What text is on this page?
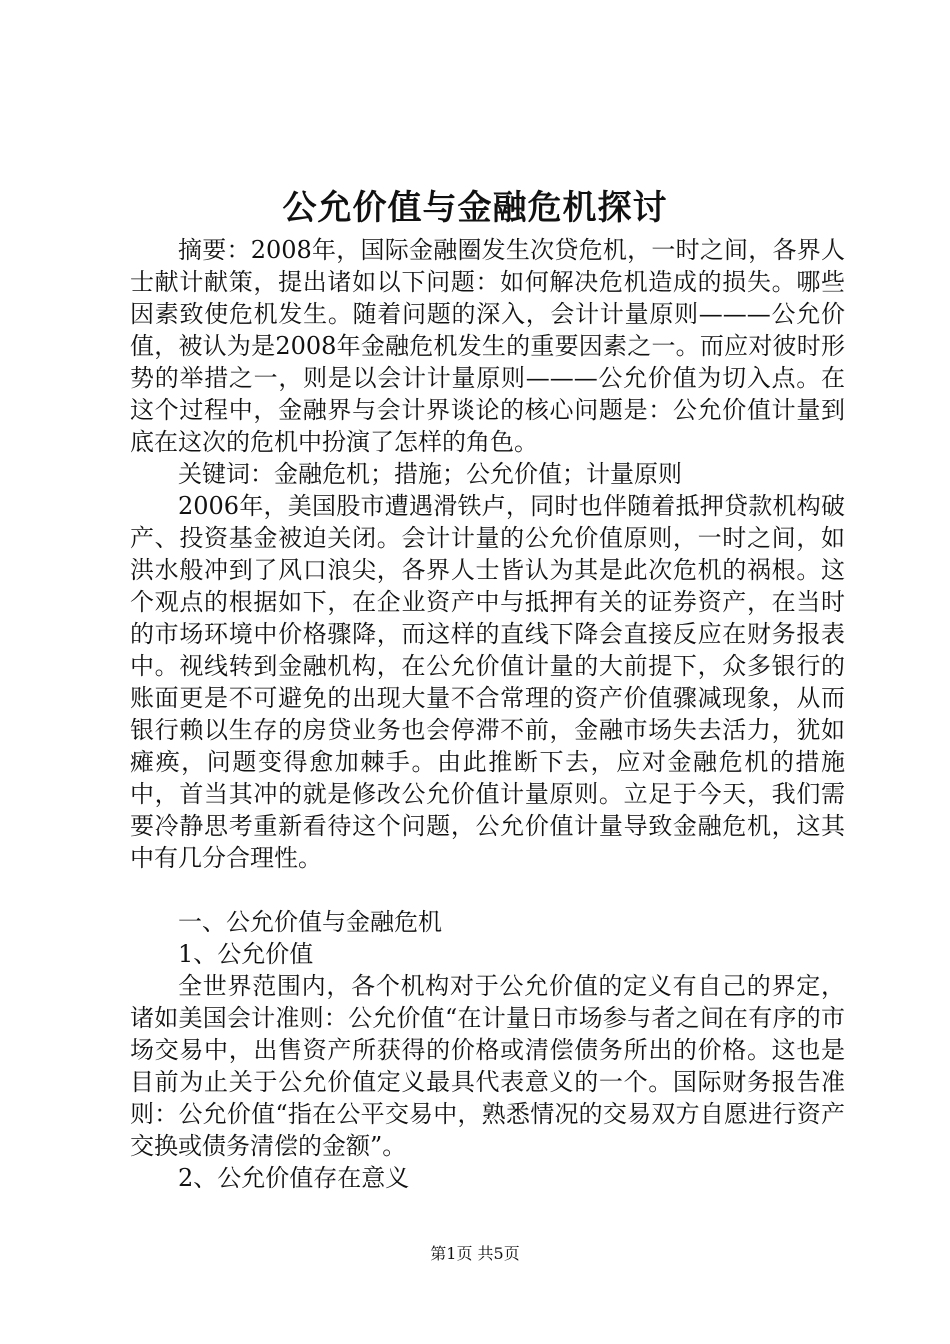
公允价值与金融危机探讨

摘要：2008年，国际金融圈发生次贷危机，一时之间，各界人士献计献策，提出诸如以下问题：如何解决危机造成的损失。哪些因素致使危机发生。随着问题的深入，会计计量原则———公允价值，被认为是2008年金融危机发生的重要因素之一。而应对彼时形势的举措之一，则是以会计计量原则———公允价值为切入点。在这个过程中，金融界与会计界谈论的核心问题是：公允价值计量到底在这次的危机中扮演了怎样的角色。

关键词：金融危机；措施；公允价值；计量原则

2006年，美国股市遭遇滑铁卢，同时也伴随着抵押贷款机构破产、投资基金被迫关闭。会计计量的公允价值原则，一时之间，如洪水般冲到了风口浪尖，各界人士皆认为其是此次危机的祸根。这个观点的根据如下，在企业资产中与抵押有关的证券资产，在当时的市场环境中价格骤降，而这样的直线下降会直接反应在财务报表中。视线转到金融机构，在公允价值计量的大前提下，众多银行的账面更是不可避免的出现大量不合常理的资产价值骤减现象，从而银行赖以生存的房贷业务也会停滞不前，金融市场失去活力，犹如瘫痪，问题变得愈加棘手。由此推断下去，应对金融危机的措施中，首当其冲的就是修改公允价值计量原则。立足于今天，我们需要冷静思考重新看待这个问题，公允价值计量导致金融危机，这其中有几分合理性。

一、公允价值与金融危机

1、公允价值

全世界范围内，各个机构对于公允价值的定义有自己的界定，诸如美国会计准则：公允价值“在计量日市场参与者之间在有序的市场交易中，出售资产所获得的价格或清偿债务所出的价格。这也是目前为止关于公允价值定义最具代表意义的一个。国际财务报告准则：公允价值“指在公平交易中，熟悉情况的交易双方自愿进行资产交换或债务清偿的金额”。

2、公允价值存在意义

第1页 共5页
